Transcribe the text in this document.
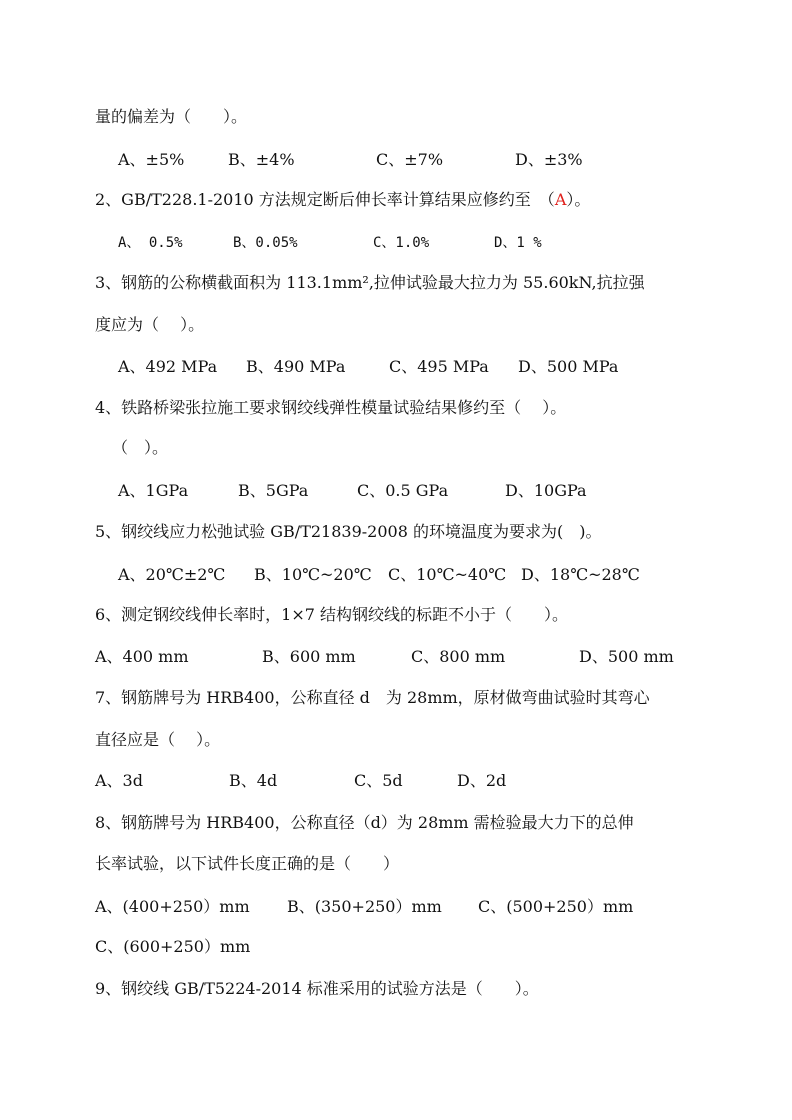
量的偏差为（　　）。
A、±5%	B、±4%	C、±7%	D、±3%
2、GB/T228.1-2010 方法规定断后伸长率计算结果应修约至　（A）。
A、 0.5%	B、0.05%	C、1.0%	D、1 %
3、钢筋的公称横截面积为 113.1mm²,拉伸试验最大拉力为 55.60kN,抗拉强
度应为（　 ）。
A、492 MPa B、490 MPa	C、495 MPa D、500 MPa
4、铁路桥梁张拉施工要求钢绞线弹性模量试验结果修约至（　 ）。
（　）。
A、1GPa	B、5GPa	C、0.5 GPa	D、10GPa
5、钢绞线应力松弛试验 GB/T21839-2008 的环境温度为要求为(　)。
A、20℃±2℃ B、10℃~20℃ C、10℃~40℃ D、18℃~28℃
6、测定钢绞线伸长率时，1×7 结构钢绞线的标距不小于（　　）。
A、400 mm	B、600 mm	C、800 mm	D、500 mm
7、钢筋牌号为 HRB400，公称直径 d　为 28mm，原材做弯曲试验时其弯心
直径应是（　 ）。
A、3d	B、4d	C、5d	D、2d
8、钢筋牌号为 HRB400，公称直径（d）为 28mm 需检验最大力下的总伸
长率试验，以下试件长度正确的是（　　）
A、(400+250）mm B、(350+250）mm C、(500+250）mm
C、(600+250）mm
9、钢绞线 GB/T5224-2014 标准采用的试验方法是（　　）。
